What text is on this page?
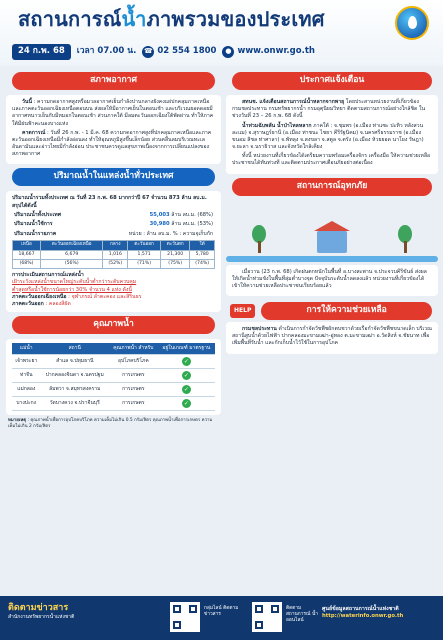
สถานการณ์น้ำภาพรวมของประเทศ
24 ก.พ. 68	เวลา 07.00 น. ☎ 02 554 1800	● www.onwr.go.th
สภาพอากาศ

วันนี้ : ความกดอากาศสูงหรือมวลอากาศเย็นกำลังปานกลางยังคงแผ่ปกคลุมภาคเหนือและภาคตะวันออกเฉียงเหนือตอนบน ส่งผลให้มีอากาศเย็นในตอนเช้า และบริเวณยอดดอยมีอากาศหนาวเย็นกับมีหมอกในตอนเช้า ส่วนภาคใต้ มีลมตะวันออกเฉียงใต้พัดผ่าน ทำให้ภาคใต้มีฝนฟ้าคะนองบางแห่ง

คาดการณ์ : วันที่ 26 ก.พ. - 1 มี.ค. 68 ความกดอากาศสูงที่ปกคลุมภาคเหนือและภาคตะวันออกเฉียงเหนือมีกำลังอ่อนลง ทำให้อุณหภูมิสูงขึ้นเล็กน้อย ส่วนคลื่นลมบริเวณทะเลอันดามันและอ่าวไทยมีกำลังอ่อน ประชาชนควรดูแลสุขภาพเนื่องจากการเปลี่ยนแปลงของสภาพอากาศ

ปริมาณน้ำในแหล่งน้ำทั่วประเทศ

ปริมาณน้ำรวมทั้งประเทศ ณ วันที่ 23 ก.พ. 68 มากกว่าปี 67 จำนวน 873 ล้าน ลบ.ม. สรุปได้ดังนี้

ปริมาณน้ำทั้งประเทศ	55,003 ล้าน ลบ.ม. (68%)
ปริมาณน้ำใช้การ	30,980 ล้าน ลบ.ม. (53%)
ปริมาณน้ำรายภาค	หน่วย : ล้าน ลบ.ม. % : ความจุเก็บกัก
เหนือ	ตะวันออกเฉียงเหนือ	กลาง	ตะวันออก	ตะวันตก	ใต้
18,667	6,679	1,016	1,571	21,300	5,780
(68%)	(56%)	(52%)	(71%)	(75%)	(74%)

การประเมินสถานการณ์แหล่งน้ำ

เฝ้าระวังแหล่งน้ำขนาดใหญ่ระดับน้ำต่ำกว่าระดับควบคุม

ต่ำสุดหรือน้ำใช้การน้อยกว่า 30% จำนวน 4 แห่ง ดังนี้

ภาคตะวันออกเฉียงเหนือ : จุฬาภรณ์ ลำตะคอง และสิรินธร

ภาคตะวันออก : คลองสียัด

คุณภาพน้ำ
แม่น้ำ	สถานี	คุณภาพน้ำ สำหรับ	อยู่ในเกณฑ์ มาตรฐาน
เจ้าพระยา	สำแล จ.ปทุมธานี	อุปโภคบริโภค	✓
ท่าจีน	ปากคลองจินดา จ.นครปฐม	การเกษตร	✓
แม่กลอง	ลัมพวา จ.สมุทรสงคราม	การเกษตร	✓
บางปะกง	วัดบางควง จ.ปราจีนบุรี	การเกษตร	✓

หมายเหตุ : คุณภาพน้ำเพื่อการอุปโภคบริโภค ความเค็มไม่เกิน 0.5 กรัม/ลิตร คุณภาพน้ำเพื่อการเกษตร ความเค็มไม่เกิน 2 กรัม/ลิตร

ประกาศแจ้งเตือน

สทนช. แจ้งเตือนสถานการณ์น้ำหลากจากพายุ โดยประสานหน่วยงานที่เกี่ยวข้อง กรมชลประทาน กรมทรัพยากรน้ำ กรมอุตุนิยมวิทยา ติดตามสถานการณ์อย่างใกล้ชิด ในช่วงวันที่ 23 – 26 ก.พ. 68 ดังนี้

น้ำท่วมฉับพลัน น้ำป่าไหลหลาก ภาคใต้ : จ.ชุมพร (อ.เมือง ท่าแซะ ปะทิว หลังสวน ละแม) จ.สุราษฎร์ธานี (อ.เมือง ท่าชนะ ไชยา คีรีรัฐนิคม) จ.นครศรีธรรมราช (อ.เมือง ขนอม สิชล ท่าศาลา) จ.พัทลุง จ.สงขลา จ.สตูล จ.ตรัง (อ.เมือง ห้วยยอด นาโยง รัษฎา) จ.ยะลา จ.นราธิวาส และจังหวัดใกล้เคียง

ทั้งนี้ หน่วยงานที่เกี่ยวข้องได้เตรียมความพร้อมเครื่องจักร เครื่องมือ ให้ความช่วยเหลือประชาชนได้ทันท่วงที และติดตามประกาศเตือนภัยอย่างต่อเนื่อง

สถานการณ์อุทกภัย

เมื่อวาน (23 ก.พ. 68) เกิดฝนตกหนักในพื้นที่ อ.บางสะพาน จ.ประจวบคีรีขันธ์ ส่งผลให้เกิดน้ำท่วมขังในพื้นที่ลุ่มต่ำบางจุด ปัจจุบันระดับน้ำลดลงแล้ว หน่วยงานที่เกี่ยวข้องได้เข้าให้ความช่วยเหลือประชาชนเรียบร้อยแล้ว

HELP	การให้ความช่วยเหลือ

กรมชลประทาน ดำเนินการกำจัดวัชพืชผักตบชวาด้วยเรือกำจัดวัชพืชขนาดเล็ก บริเวณสถานีสูบน้ำด้วยไฟฟ้า ปากคลองมะขามเฒ่า-อู่ทอง ต.มะขามเฒ่า อ.วัดสิงห์ จ.ชัยนาท เพื่อเพิ่มพื้นที่รับน้ำ และกักเก็บน้ำไว้ใช้ในการอุปโภค

ติดตามข่าวสาร
สำนักงานทรัพยากรน้ำแห่งชาติ
กลุ่มไลน์ ติดตามข่าวสาร
ติดตามสถานการณ์ น้ำออนไลน์
ศูนย์ข้อมูลสถานการณ์น้ำแห่งชาติ
http://waterinfo.onwr.go.th
